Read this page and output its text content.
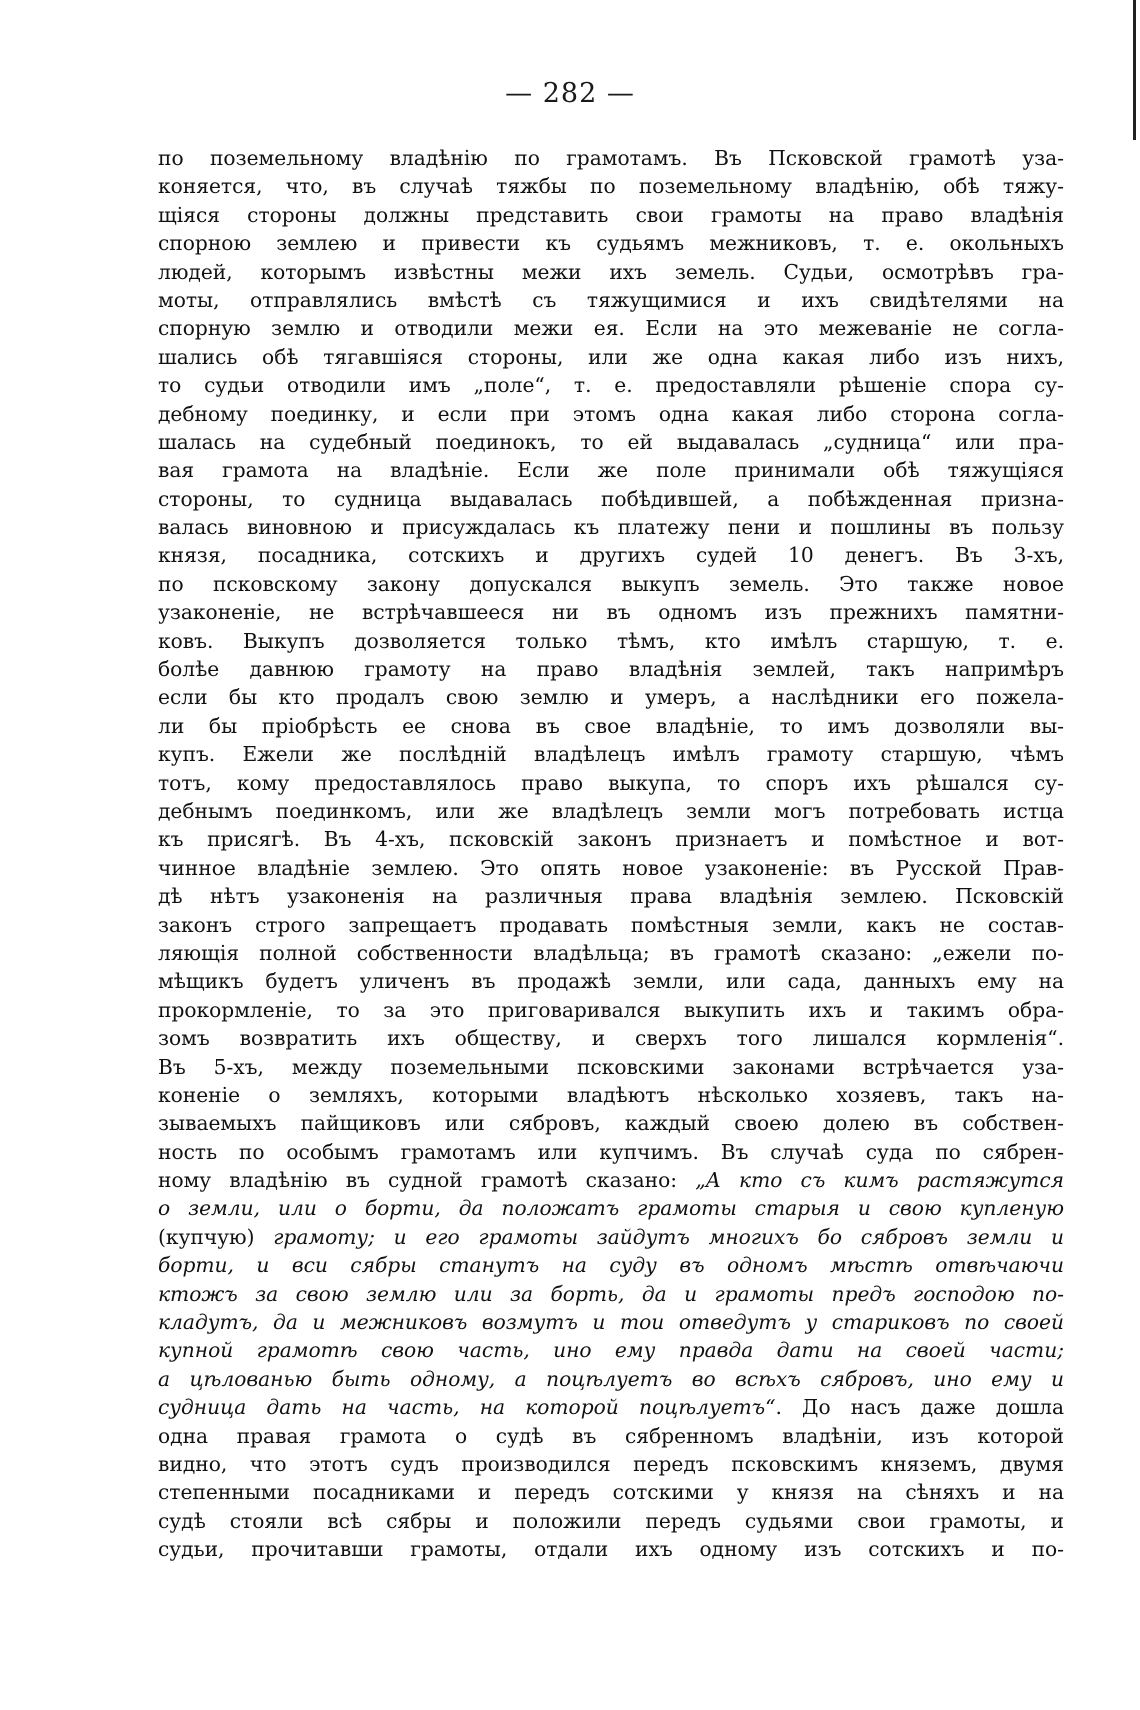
— 282 —
по поземельному владѣнію по грамотамъ. Въ Псковской грамотѣ уза-
коняется, что, въ случаѣ тяжбы по поземельному владѣнію, обѣ тяжу-
щіяся стороны должны представить свои грамоты на право владѣнія
спорною землею и привести къ судьямъ межниковъ, т. е. окольныхъ
людей, которымъ извѣстны межи ихъ земель. Судьи, осмотрѣвъ гра-
моты, отправлялись вмѣстѣ съ тяжущимися и ихъ свидѣтелями на
спорную землю и отводили межи ея. Если на это межеваніе не согла-
шались обѣ тягавшіяся стороны, или же одна какая либо изъ нихъ,
то судьи отводили имъ „поле“, т. е. предоставляли рѣшеніе спора су-
дебному поединку, и если при этомъ одна какая либо сторона согла-
шалась на судебный поединокъ, то ей выдавалась „судница“ или пра-
вая грамота на владѣніе. Если же поле принимали обѣ тяжущіяся
стороны, то судница выдавалась побѣдившей, а побѣжденная призна-
валась виновною и присуждалась къ платежу пени и пошлины въ пользу
князя, посадника, сотскихъ и другихъ судей 10 денегъ. Въ 3-хъ,
по псковскому закону допускался выкупъ земель. Это также новое
узаконеніе, не встрѣчавшееся ни въ одномъ изъ прежнихъ памятни-
ковъ. Выкупъ дозволяется только тѣмъ, кто имѣлъ старшую, т. е.
болѣе давнюю грамоту на право владѣнія землей, такъ напримѣръ
если бы кто продалъ свою землю и умеръ, а наслѣдники его пожела-
ли бы пріобрѣсть ее снова въ свое владѣніе, то имъ дозволяли вы-
купъ. Ежели же послѣдній владѣлецъ имѣлъ грамоту старшую, чѣмъ
тотъ, кому предоставлялось право выкупа, то споръ ихъ рѣшался су-
дебнымъ поединкомъ, или же владѣлецъ земли могъ потребовать истца
къ присягѣ. Въ 4-хъ, псковскій законъ признаетъ и помѣстное и вот-
чинное владѣніе землею. Это опять новое узаконеніе: въ Русской Прав-
дѣ нѣтъ узаконенія на различныя права владѣнія землею. Псковскій
законъ строго запрещаетъ продавать помѣстныя земли, какъ не состав-
ляющія полной собственности владѣльца; въ грамотѣ сказано: „ежели по-
мѣщикъ будетъ уличенъ въ продажѣ земли, или сада, данныхъ ему на
прокормленіе, то за это приговаривался выкупить ихъ и такимъ обра-
зомъ возвратить ихъ обществу, и сверхъ того лишался кормленія“.
Въ 5-хъ, между поземельными псковскими законами встрѣчается уза-
коненіе о земляхъ, которыми владѣютъ нѣсколько хозяевъ, такъ на-
зываемыхъ пайщиковъ или сябровъ, каждый своею долею въ собствен-
ность по особымъ грамотамъ или купчимъ. Въ случаѣ суда по сябрен-
ному владѣнію въ судной грамотѣ сказано: „А кто съ кимъ растяжутся
о земли, или о борти, да положатъ грамоты старыя и свою купленую
(купчую) грамоту; и его грамоты зайдутъ многихъ бо сябровъ земли и
борти, и вси сябры станутъ на суду въ одномъ мѣстѣ отвѣчаючи
ктожъ за свою землю или за борть, да и грамоты предъ господою по-
кладутъ, да и межниковъ возмутъ и тои отведутъ у стариковъ по своей
купной грамотѣ свою часть, ино ему правда дати на своей части;
а цѣлованью быть одному, а поцѣлуетъ во всѣхъ сябровъ, ино ему и
судница дать на часть, на которой поцѣлуетъ“. До насъ даже дошла
одна правая грамота о судѣ въ сябренномъ владѣніи, изъ которой
видно, что этотъ судъ производился передъ псковскимъ княземъ, двумя
степенными посадниками и передъ сотскими у князя на сѣняхъ и на
судѣ стояли всѣ сябры и положили передъ судьями свои грамоты, и
судьи, прочитавши грамоты, отдали ихъ одному изъ сотскихъ и по-
